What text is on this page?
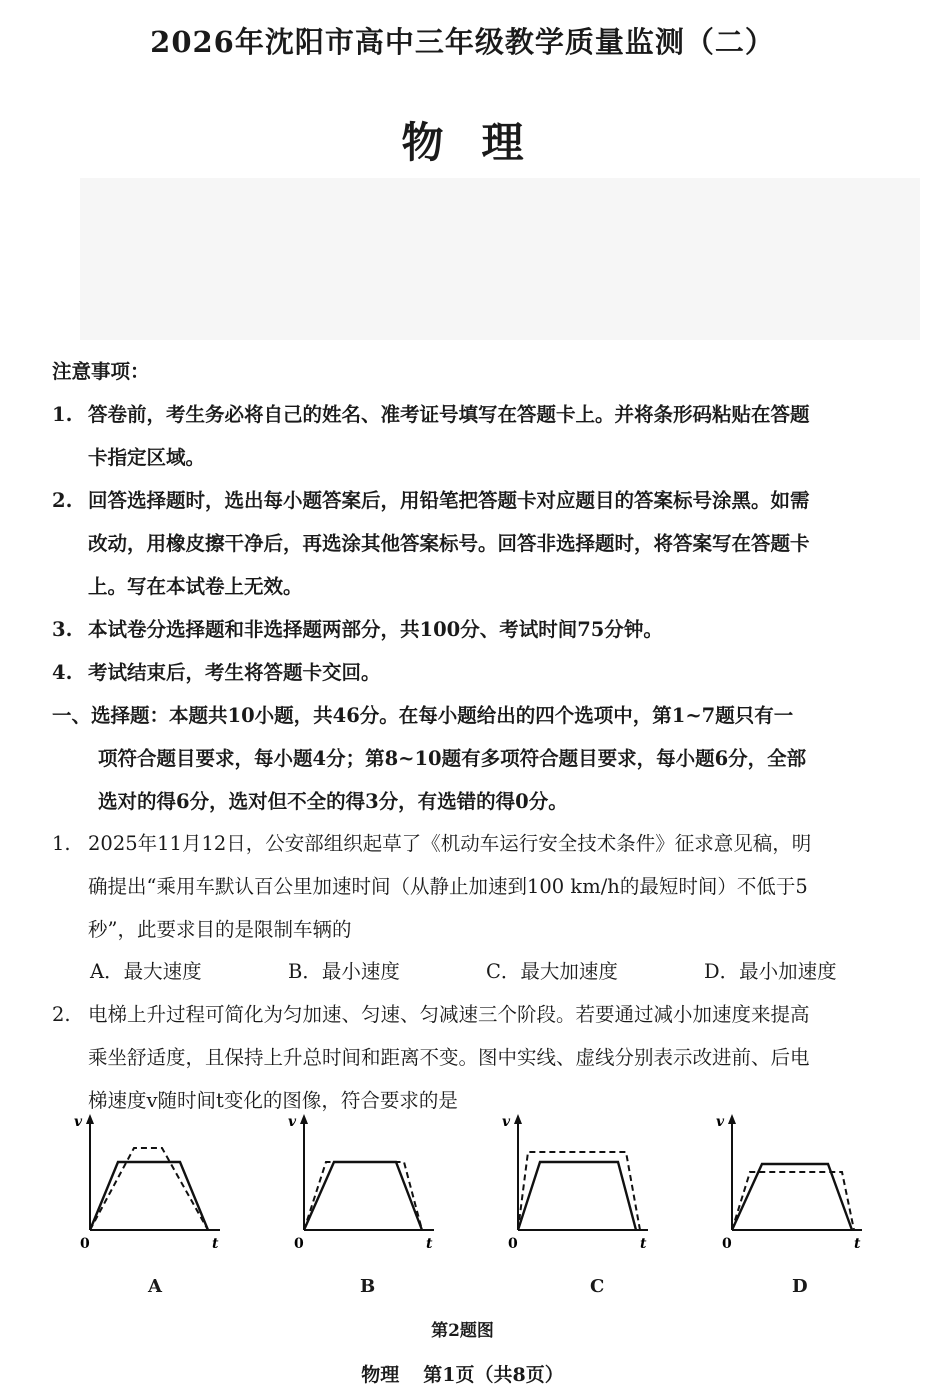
2026年沈阳市高中三年级教学质量监测（二）
物理
注意事项：
1. 答卷前，考生务必将自己的姓名、准考证号填写在答题卡上。并将条形码粘贴在答题
卡指定区域。
2. 回答选择题时，选出每小题答案后，用铅笔把答题卡对应题目的答案标号涂黑。如需
改动，用橡皮擦干净后，再选涂其他答案标号。回答非选择题时，将答案写在答题卡
上。写在本试卷上无效。
3. 本试卷分选择题和非选择题两部分，共100分、考试时间75分钟。
4. 考试结束后，考生将答题卡交回。
一、选择题：本题共10小题，共46分。在每小题给出的四个选项中，第1~7题只有一
项符合题目要求，每小题4分；第8~10题有多项符合题目要求，每小题6分，全部
选对的得6分，选对但不全的得3分，有选错的得0分。
1. 2025年11月12日，公安部组织起草了《机动车运行安全技术条件》征求意见稿，明
确提出“乘用车默认百公里加速时间（从静止加速到100 km/h的最短时间）不低于5
秒”，此要求目的是限制车辆的
A．最大速度	B．最小速度	C．最大加速度	D．最小加速度
2. 电梯上升过程可简化为匀加速、匀速、匀减速三个阶段。若要通过减小加速度来提高
乘坐舒适度，且保持上升总时间和距离不变。图中实线、虚线分别表示改进前、后电
梯速度v随时间t变化的图像，符合要求的是
v
0	t
v
0	t
v
0	t
v
0	t
A	B	C	D
第2题图
物理 第1页（共8页）
